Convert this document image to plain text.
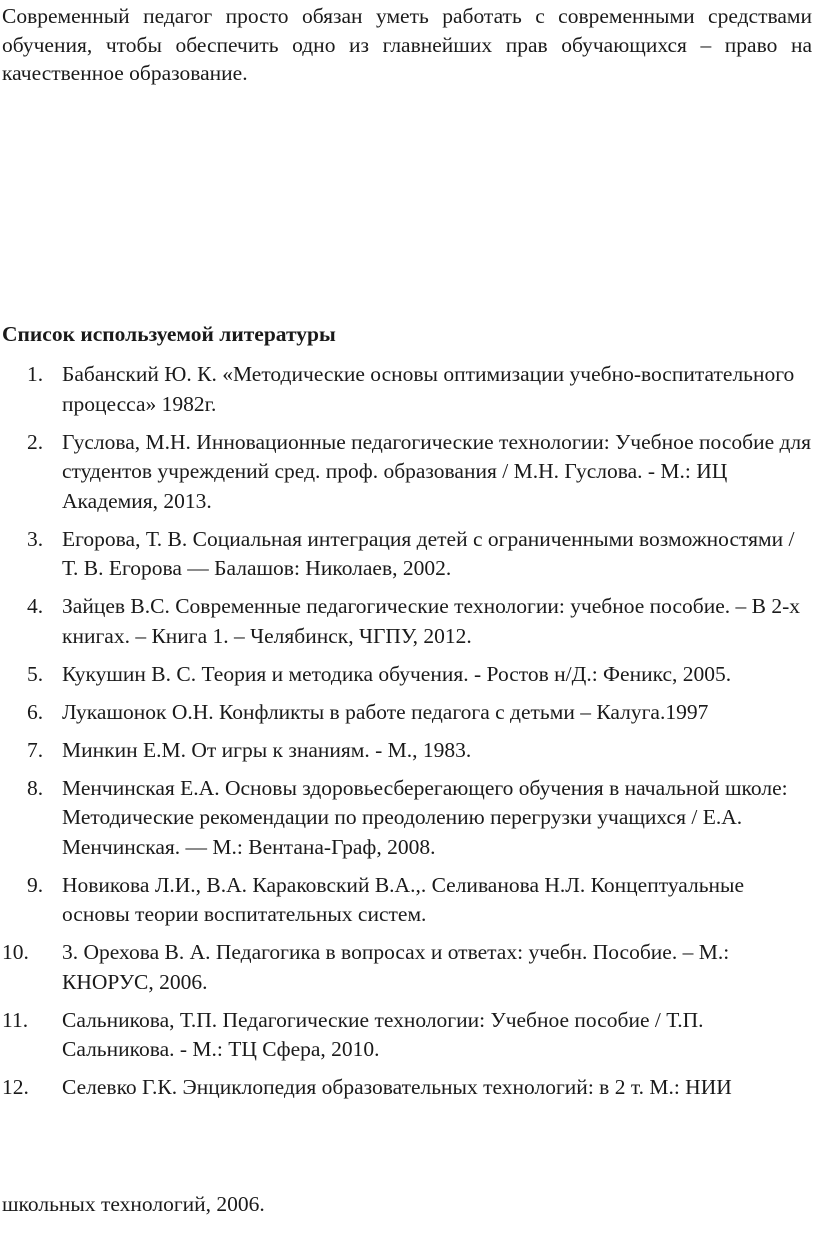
Современный педагог просто обязан уметь работать с современными средствами обучения, чтобы обеспечить одно из главнейших прав обучающихся – право на качественное образование.

Список используемой литературы
1. Бабанский Ю. К. «Методические основы оптимизации учебно-воспитательного процесса» 1982г.
2. Гуслова, М.Н. Инновационные педагогические технологии: Учебное пособие для студентов учреждений сред. проф. образования / М.Н. Гуслова. - М.: ИЦ Академия, 2013.
3. Егорова, Т. В. Социальная интеграция детей с ограниченными возможностями / Т. В. Егорова — Балашов: Николаев, 2002.
4. Зайцев В.С. Современные педагогические технологии: учебное пособие. – В 2-х книгах. – Книга 1. – Челябинск, ЧГПУ, 2012.
5. Кукушин В. С. Теория и методика обучения. - Ростов н/Д.: Феникс, 2005.
6. Лукашонок О.Н. Конфликты в работе педагога с детьми – Калуга.1997
7. Минкин Е.М. От игры к знаниям. - М., 1983.
8. Менчинская Е.А. Основы здоровьесберегающего обучения в начальной школе: Методические рекомендации по преодолению перегрузки учащихся / Е.А. Менчинская. — М.: Вентана-Граф, 2008.
9. Новикова Л.И., В.А. Караковский В.А.,. Селиванова Н.Л. Концептуальные основы теории воспитательных систем.
10.	3. Орехова В. А. Педагогика в вопросах и ответах: учебн. Пособие. – М.: КНОРУС, 2006.
11.	Сальникова, Т.П. Педагогические технологии: Учебное пособие / Т.П. Сальникова. - М.: ТЦ Сфера, 2010.
12.	Селевко Г.К. Энциклопедия образовательных технологий: в 2 т. М.: НИИ

школьных технологий, 2006.
